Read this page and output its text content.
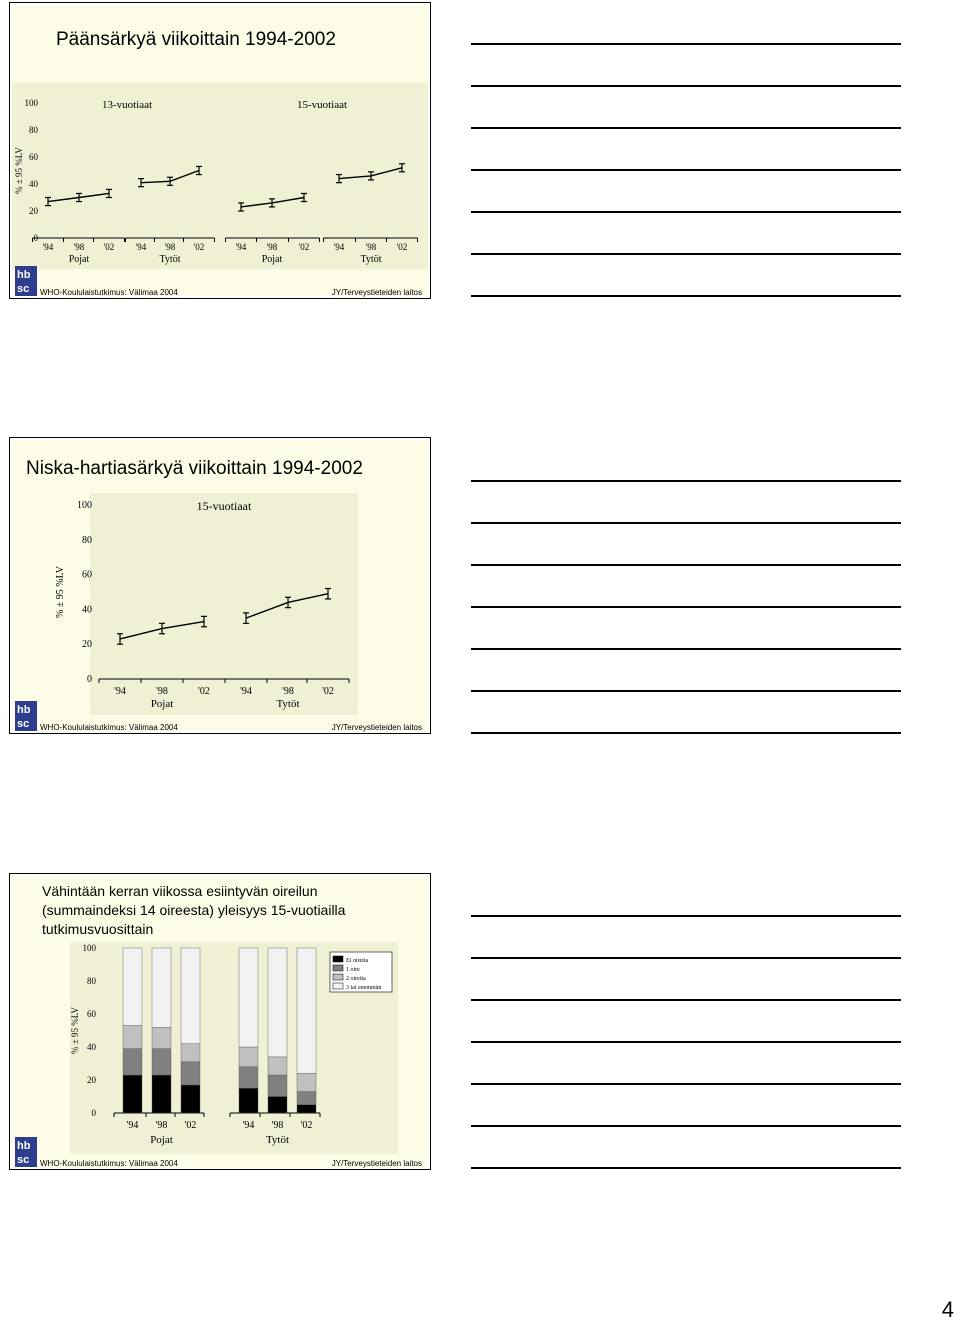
Päänsärkyä viikoittain 1994-2002
% ± 95 %LV
0
20
40
60
80
100	13-vuotiaat
'94 '98 '02
Pojat
'94 '98 '02
Tytöt
15-vuotiaat
'94 '98 '02
Pojat
'94 '98 '02
Tytöt
hb
sc WHO-Koululaistutkimus: Välimaa 2004	JY/Terveystieteiden laitos
Niska-hartiasärkyä viikoittain 1994-2002
% ± 95 %LV
0
20
40
60
80
100	15-vuotiaat
'94	'98	'02
Pojat
'94	'98	'02
Tytöt
hb
sc WHO-Koululaistutkimus: Välimaa 2004	JY/Terveystieteiden laitos
Vähintään kerran viikossa esiintyvän oireilun
(summaindeksi 14 oireesta) yleisyys 15-vuotiailla
tutkimusvuosittain
% ± 95 %LV
0
20
40
60
80
100
'94 '98 '02
Pojat
'94 '98 '02
Tytöt
Ei oireita
1 oire
2 oiretta
3 tai enemmän
hb
sc WHO-Koululaistutkimus: Välimaa 2004	JY/Terveystieteiden laitos
4
